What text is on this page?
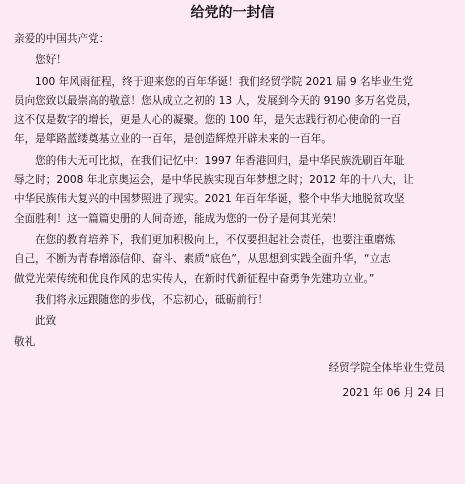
给党的一封信

亲爱的中国共产党：

您好！

100 年风雨征程，终于迎来您的百年华诞！我们经贸学院 2021 届 9 名毕业生党

员向您致以最崇高的敬意！您从成立之初的 13 人，发展到今天的 9190 多万名党员，

这不仅是数字的增长，更是人心的凝聚。您的 100 年，是矢志践行初心使命的一百

年，是筚路蓝缕奠基立业的一百年，是创造辉煌开辟未来的一百年。

您的伟大无可比拟，在我们记忆中：1997 年香港回归，是中华民族洗刷百年耻

辱之时；2008 年北京奥运会，是中华民族实现百年梦想之时；2012 年的十八大，让

中华民族伟大复兴的中国梦照进了现实。2021 年百年华诞，整个中华大地脱贫攻坚

全面胜利！这一篇篇史册的人间奇迹，能成为您的一份子是何其光荣！

在您的教育培养下，我们更加积极向上，不仅要担起社会责任，也要注重磨炼

自己，不断为青春增添信仰、奋斗、素质“底色”，从思想到实践全面升华，“立志

做党光荣传统和优良作风的忠实传人，在新时代新征程中奋勇争先建功立业。”

我们将永远跟随您的步伐，不忘初心，砥砺前行！

此致

敬礼

经贸学院全体毕业生党员

2021 年 06 月 24 日
